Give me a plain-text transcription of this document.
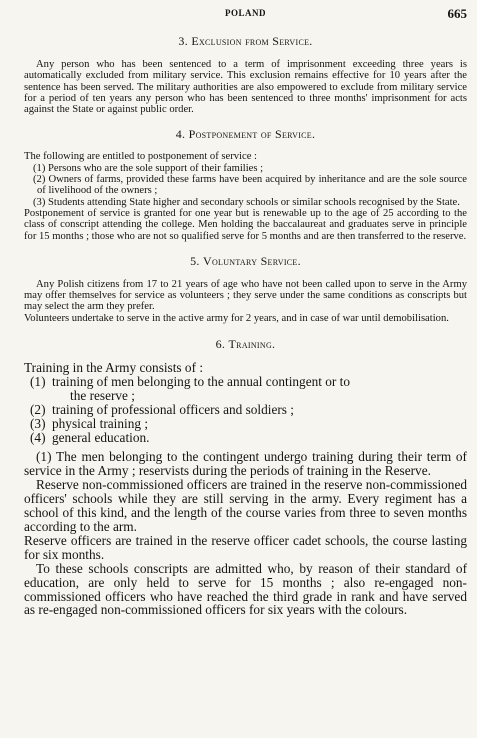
POLAND	665
3. Exclusion from Service.

Any person who has been sentenced to a term of imprisonment exceeding three years is automatically excluded from military service. This exclusion remains effective for 10 years after the sentence has been served. The military authorities are also empowered to exclude from military service for a period of ten years any person who has been sentenced to three months' imprisonment for acts against the State or against public order.

4. Postponement of Service.

The following are entitled to postponement of service :

(1) Persons who are the sole support of their families ;

(2) Owners of farms, provided these farms have been acquired by inheritance and are the sole source of livelihood of the owners ;

(3) Students attending State higher and secondary schools or similar schools recognised by the State.

Postponement of service is granted for one year but is renewable up to the age of 25 according to the class of conscript attending the college. Men holding the baccalaureat and graduates serve in principle for 15 months ; those who are not so qualified serve for 5 months and are then transferred to the reserve.

5. Voluntary Service.

Any Polish citizens from 17 to 21 years of age who have not been called upon to serve in the Army may offer themselves for service as volunteers ; they serve under the same conditions as conscripts but may select the arm they prefer.

Volunteers undertake to serve in the active army for 2 years, and in case of war until demobilisation.

6. Training.

Training in the Army consists of :

(1) training of men belonging to the annual contingent or to

the reserve ;

(2) training of professional officers and soldiers ;

(3) physical training ;

(4) general education.

(1) The men belonging to the contingent undergo training during their term of service in the Army ; reservists during the periods of training in the Reserve.

Reserve non-commissioned officers are trained in the reserve non-commissioned officers' schools while they are still serving in the army. Every regiment has a school of this kind, and the length of the course varies from three to seven months according to the arm.

Reserve officers are trained in the reserve officer cadet schools, the course lasting for six months.

To these schools conscripts are admitted who, by reason of their standard of education, are only held to serve for 15 months ; also re-engaged non-commissioned officers who have reached the third grade in rank and have served as re-engaged non-commissioned officers for six years with the colours.
